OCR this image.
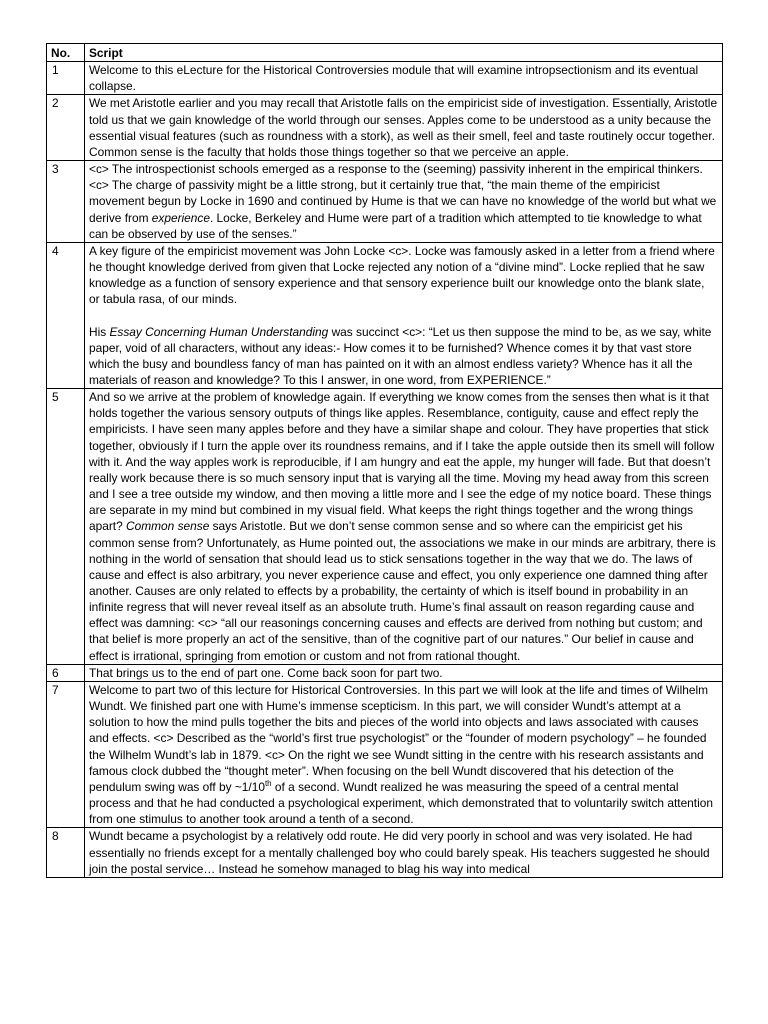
No.	Script
1	Welcome to this eLecture for the Historical Controversies module that will examine intropsectionism and its eventual collapse.

2	We met Aristotle earlier and you may recall that Aristotle falls on the empiricist side of investigation. Essentially, Aristotle told us that we gain knowledge of the world through our senses. Apples come to be understood as a unity because the essential visual features (such as roundness with a stork), as well as their smell, feel and taste routinely occur together. Common sense is the faculty that holds those things together so that we perceive an apple.

3	<c> The introspectionist schools emerged as a response to the (seeming) passivity inherent in the empirical thinkers. <c> The charge of passivity might be a little strong, but it certainly true that, “the main theme of the empiricist movement begun by Locke in 1690 and continued by Hume is that we can have no knowledge of the world but what we derive from experience. Locke, Berkeley and Hume were part of a tradition which attempted to tie knowledge to what can be observed by use of the senses.”

4	A key figure of the empiricist movement was John Locke <c>. Locke was famously asked in a letter from a friend where he thought knowledge derived from given that Locke rejected any notion of a “divine mind”. Locke replied that he saw knowledge as a function of sensory experience and that sensory experience built our knowledge onto the blank slate, or tabula rasa, of our minds.

His Essay Concerning Human Understanding was succinct <c>: “Let us then suppose the mind to be, as we say, white paper, void of all characters, without any ideas:- How comes it to be furnished? Whence comes it by that vast store which the busy and boundless fancy of man has painted on it with an almost endless variety? Whence has it all the materials of reason and knowledge? To this I answer, in one word, from EXPERIENCE.”

5	And so we arrive at the problem of knowledge again. If everything we know comes from the senses then what is it that holds together the various sensory outputs of things like apples. Resemblance, contiguity, cause and effect reply the empiricists. I have seen many apples before and they have a similar shape and colour. They have properties that stick together, obviously if I turn the apple over its roundness remains, and if I take the apple outside then its smell will follow with it. And the way apples work is reproducible, if I am hungry and eat the apple, my hunger will fade. But that doesn’t really work because there is so much sensory input that is varying all the time. Moving my head away from this screen and I see a tree outside my window, and then moving a little more and I see the edge of my notice board. These things are separate in my mind but combined in my visual field. What keeps the right things together and the wrong things apart? Common sense says Aristotle. But we don’t sense common sense and so where can the empiricist get his common sense from? Unfortunately, as Hume pointed out, the associations we make in our minds are arbitrary, there is nothing in the world of sensation that should lead us to stick sensations together in the way that we do. The laws of cause and effect is also arbitrary, you never experience cause and effect, you only experience one damned thing after another. Causes are only related to effects by a probability, the certainty of which is itself bound in probability in an infinite regress that will never reveal itself as an absolute truth. Hume’s final assault on reason regarding cause and effect was damning: <c> “all our reasonings concerning causes and effects are derived from nothing but custom; and that belief is more properly an act of the sensitive, than of the cognitive part of our natures.” Our belief in cause and effect is irrational, springing from emotion or custom and not from rational thought.

6	That brings us to the end of part one. Come back soon for part two.

7	Welcome to part two of this lecture for Historical Controversies. In this part we will look at the life and times of Wilhelm Wundt. We finished part one with Hume’s immense scepticism. In this part, we will consider Wundt’s attempt at a solution to how the mind pulls together the bits and pieces of the world into objects and laws associated with causes and effects. <c> Described as the “world’s first true psychologist” or the “founder of modern psychology” – he founded the Wilhelm Wundt’s lab in 1879. <c> On the right we see Wundt sitting in the centre with his research assistants and famous clock dubbed the “thought meter”. When focusing on the bell Wundt discovered that his detection of the pendulum swing was off by ~1/10th of a second. Wundt realized he was measuring the speed of a central mental process and that he had conducted a psychological experiment, which demonstrated that to voluntarily switch attention from one stimulus to another took around a tenth of a second.

8	Wundt became a psychologist by a relatively odd route. He did very poorly in school and was very isolated. He had essentially no friends except for a mentally challenged boy who could barely speak. His teachers suggested he should join the postal service… Instead he somehow managed to blag his way into medical
